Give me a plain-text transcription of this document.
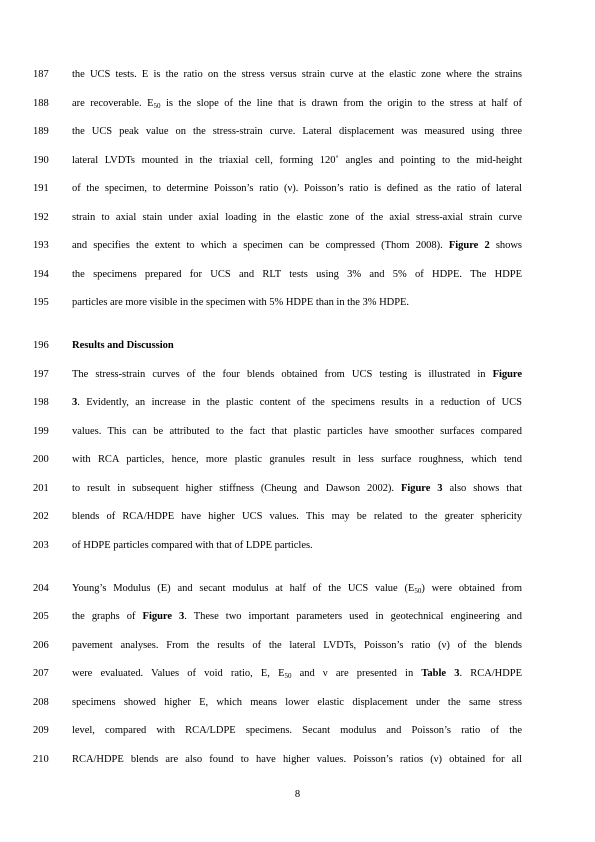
187	the UCS tests. E is the ratio on the stress versus strain curve at the elastic zone where the strains
188	are recoverable. $E_{50}$ is the slope of the line that is drawn from the origin to the stress at half of
189	the UCS peak value on the stress-strain curve. Lateral displacement was measured using three
190	lateral LVDTs mounted in the triaxial cell, forming 120˚ angles and pointing to the mid-height
191	of the specimen, to determine Poisson’s ratio (ν). Poisson’s ratio is defined as the ratio of lateral
192	strain to axial stain under axial loading in the elastic zone of the axial stress-axial strain curve
193	and specifies the extent to which a specimen can be compressed (Thom 2008). Figure 2 shows
194	the specimens prepared for UCS and RLT tests using 3% and 5% of HDPE. The HDPE
195	particles are more visible in the specimen with 5% HDPE than in the 3% HDPE.
196	Results and Discussion
197	The stress-strain curves of the four blends obtained from UCS testing is illustrated in Figure
198	3. Evidently, an increase in the plastic content of the specimens results in a reduction of UCS
199	values. This can be attributed to the fact that plastic particles have smoother surfaces compared
200	with RCA particles, hence, more plastic granules result in less surface roughness, which tend
201	to result in subsequent higher stiffness (Cheung and Dawson 2002). Figure 3 also shows that
202	blends of RCA/HDPE have higher UCS values. This may be related to the greater sphericity
203	of HDPE particles compared with that of LDPE particles.
204	Young’s Modulus (E) and secant modulus at half of the UCS value $(E_{50})$ were obtained from
205	the graphs of Figure 3. These two important parameters used in geotechnical engineering and
206	pavement analyses. From the results of the lateral LVDTs, Poisson’s ratio (ν) of the blends
207	were evaluated. Values of void ratio, E, $E_{50}$ and ν are presented in Table 3. RCA/HDPE
208	specimens showed higher E, which means lower elastic displacement under the same stress
209	level, compared with RCA/LDPE specimens. Secant modulus and Poisson’s ratio of the
210	RCA/HDPE blends are also found to have higher values. Poisson’s ratios (ν) obtained for all
8
